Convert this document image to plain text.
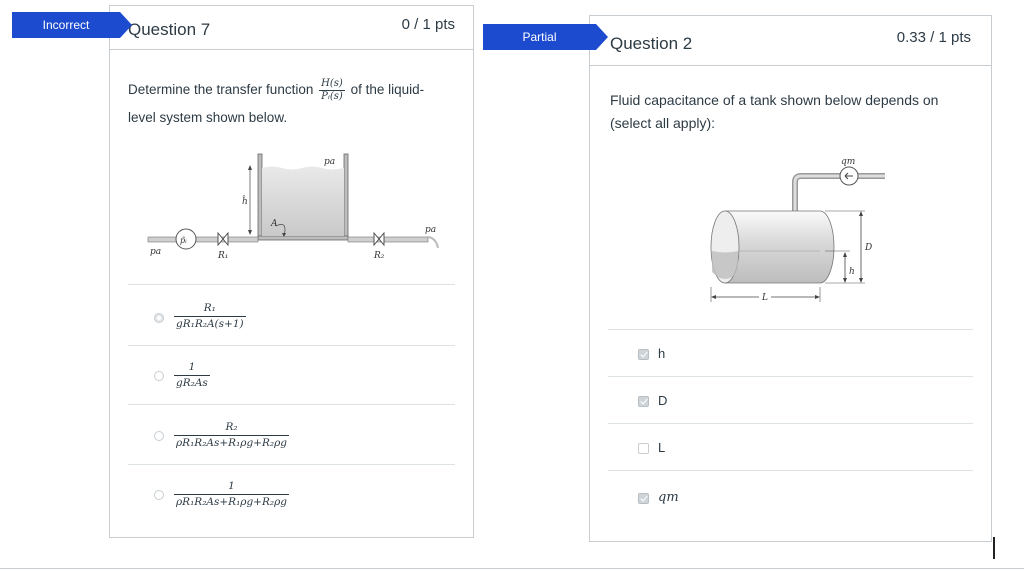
Question 7	0 / 1 pts
Determine the transfer function $\frac{H(s)}{\text{Pᵢ(s)}}$ of the liquid-
level system shown below.
pa
pa
pa
ĥ
A
p̂ᵢ
R₁	R₂
$\frac{\text{R₁}}{\text{gR₁R₂A(s+1)}}$
$\frac{1}{\text{gR₂As}}$
$\frac{\text{R₂}}{\text{ρR₁R₂As+R₁ρg+R₂ρg}}$
$\frac{1}{\text{ρR₁R₂As+R₁ρg+R₂ρg}}$
Incorrect
Question 2	0.33 / 1 pts
Fluid capacitance of a tank shown below depends on
(select all apply):
qm
D
h
L
h
D
L
qm
Partial
